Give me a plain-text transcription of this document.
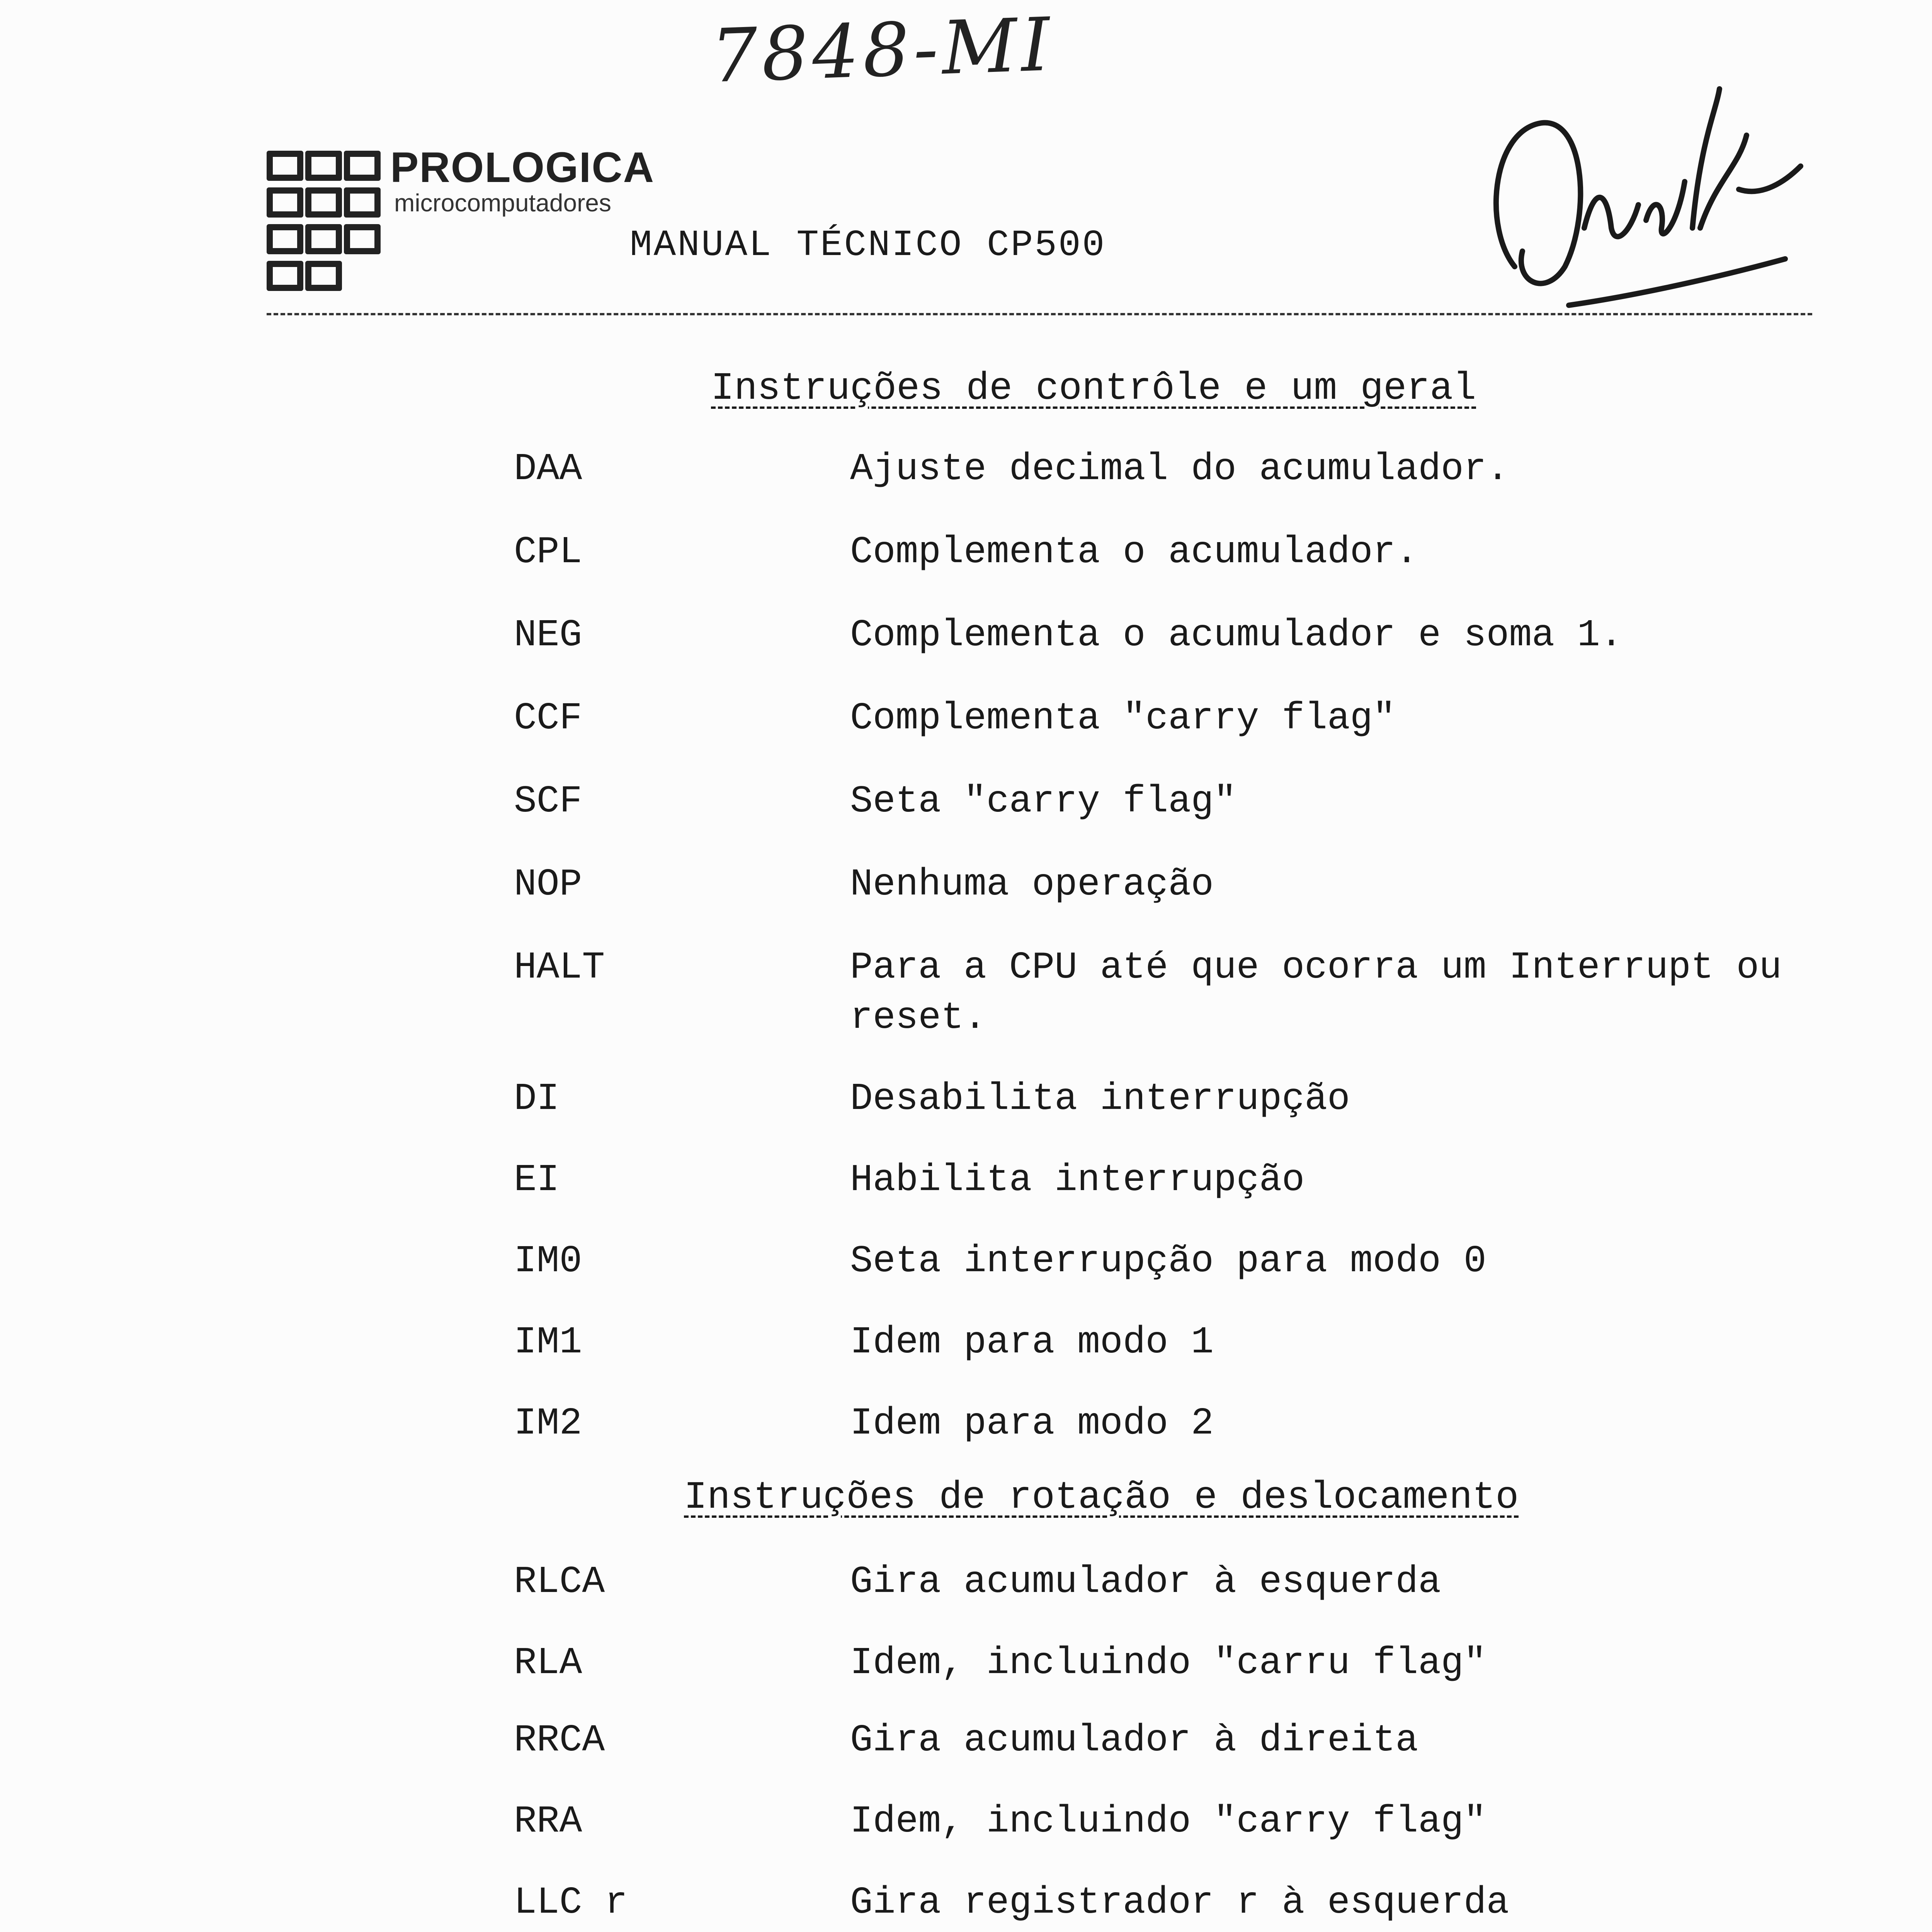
7848-MI
PROLOGICA
microcomputadores
MANUAL TÉCNICO CP500
Instruções de contrôle e um geral
DAA	Ajuste decimal do acumulador.
CPL	Complementa o acumulador.
NEG	Complementa o acumulador e soma 1.
CCF	Complementa "carry flag"
SCF	Seta "carry flag"
NOP	Nenhuma operação
HALT	Para a CPU até que ocorra um Interrupt ou reset.
DI	Desabilita interrupção
EI	Habilita interrupção
IM0	Seta interrupção para modo 0
IM1	Idem para modo 1
IM2	Idem para modo 2
Instruções de rotação e deslocamento
RLCA	Gira acumulador à esquerda
RLA	Idem, incluindo "carru flag"
RRCA	Gira acumulador à direita
RRA	Idem, incluindo "carry flag"
LLC r	Gira registrador r à esquerda
